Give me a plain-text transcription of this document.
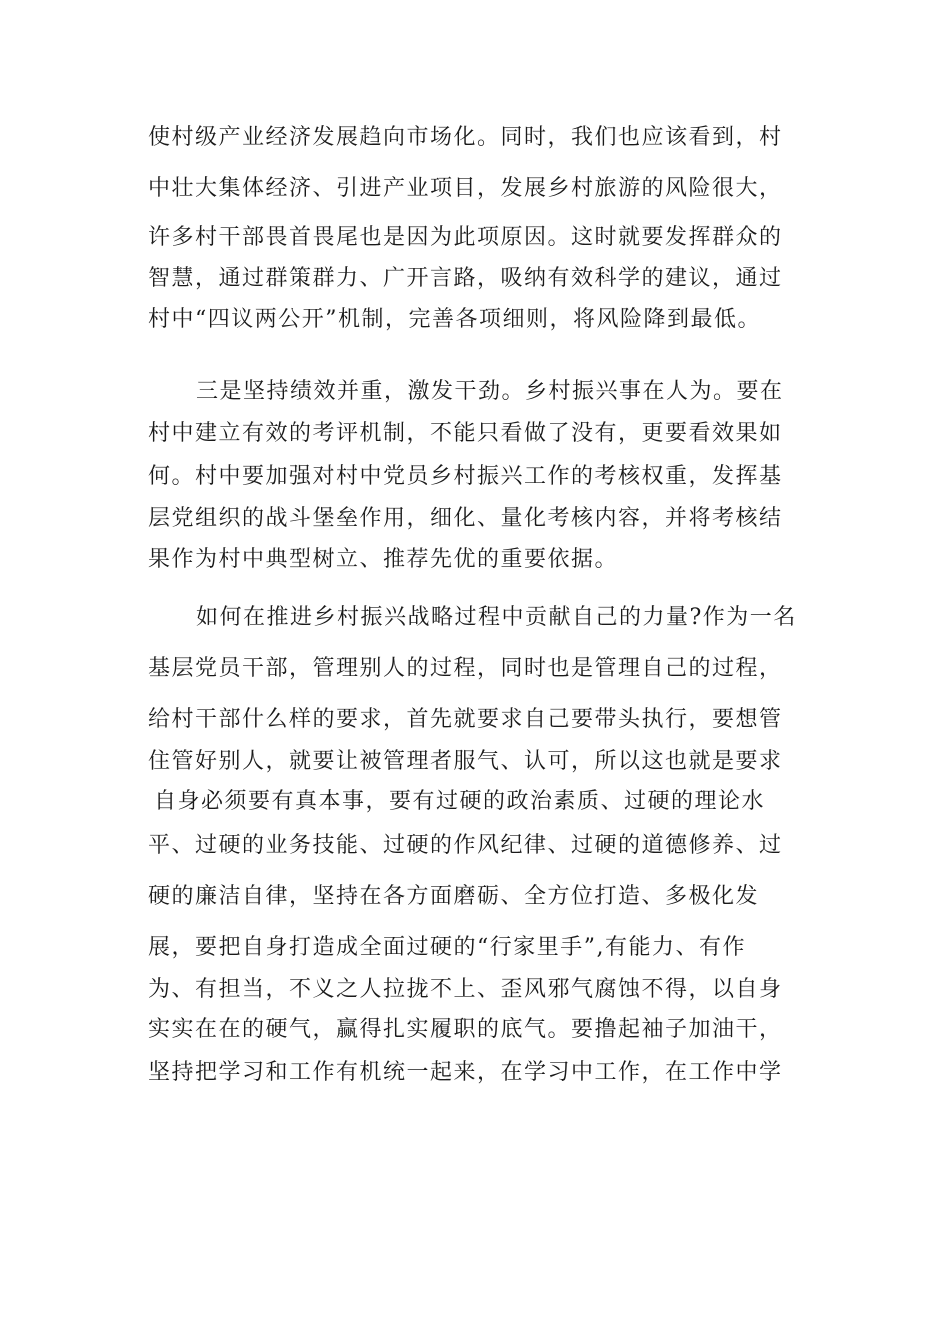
使村级产业经济发展趋向市场化。同时，我们也应该看到，村
中壮大集体经济、引进产业项目，发展乡村旅游的风险很大，
许多村干部畏首畏尾也是因为此项原因。这时就要发挥群众的
智慧，通过群策群力、广开言路，吸纳有效科学的建议，通过
村中“四议两公开”机制，完善各项细则，将风险降到最低。
三是坚持绩效并重，激发干劲。乡村振兴事在人为。要在
村中建立有效的考评机制，不能只看做了没有，更要看效果如
何。村中要加强对村中党员乡村振兴工作的考核权重，发挥基
层党组织的战斗堡垒作用，细化、量化考核内容，并将考核结
果作为村中典型树立、推荐先优的重要依据。
如何在推进乡村振兴战略过程中贡献自己的力量?作为一名
基层党员干部，管理别人的过程，同时也是管理自己的过程，
给村干部什么样的要求，首先就要求自己要带头执行，要想管
住管好别人，就要让被管理者服气、认可，所以这也就是要求
自身必须要有真本事，要有过硬的政治素质、过硬的理论水
平、过硬的业务技能、过硬的作风纪律、过硬的道德修养、过
硬的廉洁自律，坚持在各方面磨砺、全方位打造、多极化发
展，要把自身打造成全面过硬的“行家里手”,有能力、有作
为、有担当，不义之人拉拢不上、歪风邪气腐蚀不得，以自身
实实在在的硬气，赢得扎实履职的底气。要撸起袖子加油干，
坚持把学习和工作有机统一起来，在学习中工作，在工作中学
